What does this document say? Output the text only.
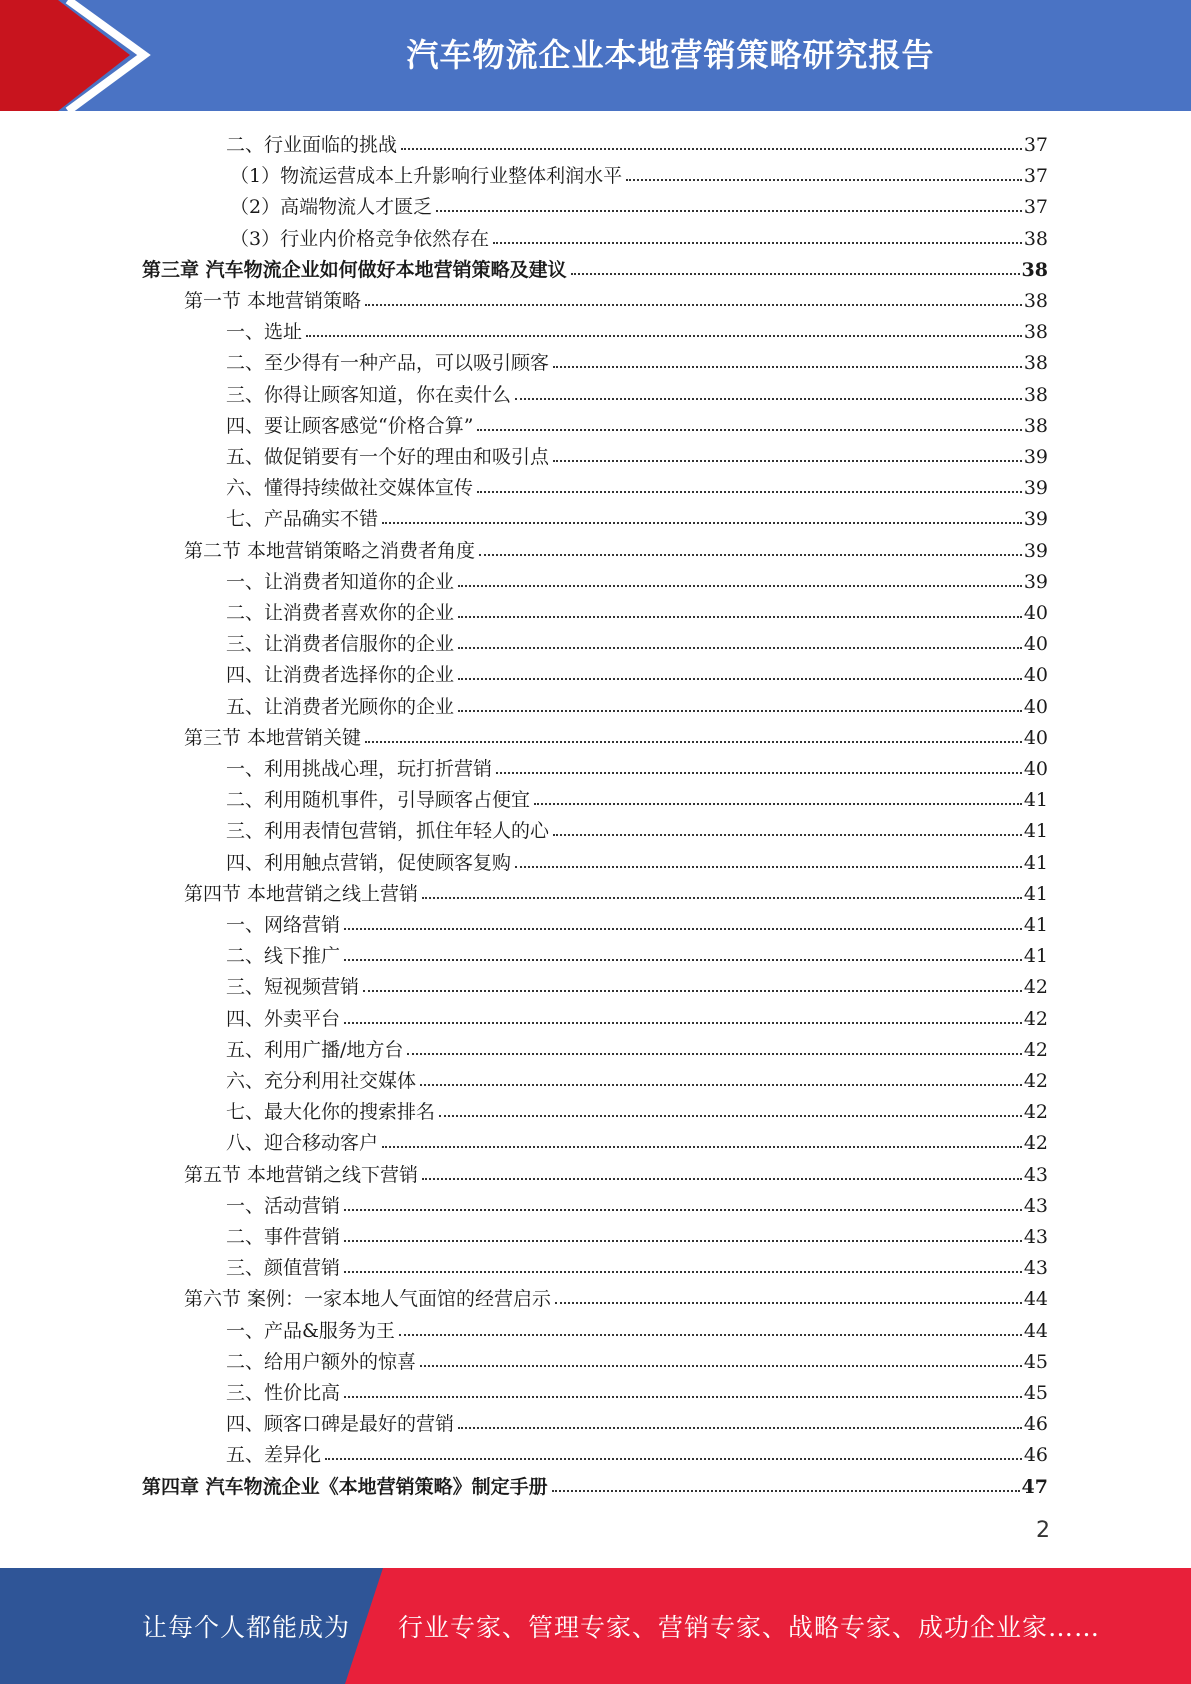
汽车物流企业本地营销策略研究报告
二、行业面临的挑战	37
（1）物流运营成本上升影响行业整体利润水平	37
（2）高端物流人才匮乏	37
（3）行业内价格竞争依然存在	38
第三章 汽车物流企业如何做好本地营销策略及建议	38
第一节 本地营销策略	38
一、选址	38
二、至少得有一种产品，可以吸引顾客	38
三、你得让顾客知道，你在卖什么	38
四、要让顾客感觉“价格合算”	38
五、做促销要有一个好的理由和吸引点	39
六、懂得持续做社交媒体宣传	39
七、产品确实不错	39
第二节 本地营销策略之消费者角度	39
一、让消费者知道你的企业	39
二、让消费者喜欢你的企业	40
三、让消费者信服你的企业	40
四、让消费者选择你的企业	40
五、让消费者光顾你的企业	40
第三节 本地营销关键	40
一、利用挑战心理，玩打折营销	40
二、利用随机事件，引导顾客占便宜	41
三、利用表情包营销，抓住年轻人的心	41
四、利用触点营销，促使顾客复购	41
第四节 本地营销之线上营销	41
一、网络营销	41
二、线下推广	41
三、短视频营销	42
四、外卖平台	42
五、利用广播/地方台	42
六、充分利用社交媒体	42
七、最大化你的搜索排名	42
八、迎合移动客户	42
第五节 本地营销之线下营销	43
一、活动营销	43
二、事件营销	43
三、颜值营销	43
第六节 案例：一家本地人气面馆的经营启示	44
一、产品&服务为王	44
二、给用户额外的惊喜	45
三、性价比高	45
四、顾客口碑是最好的营销	46
五、差异化	46
第四章 汽车物流企业《本地营销策略》制定手册	47
2
让每个人都能成为 行业专家、管理专家、营销专家、战略专家、成功企业家……
